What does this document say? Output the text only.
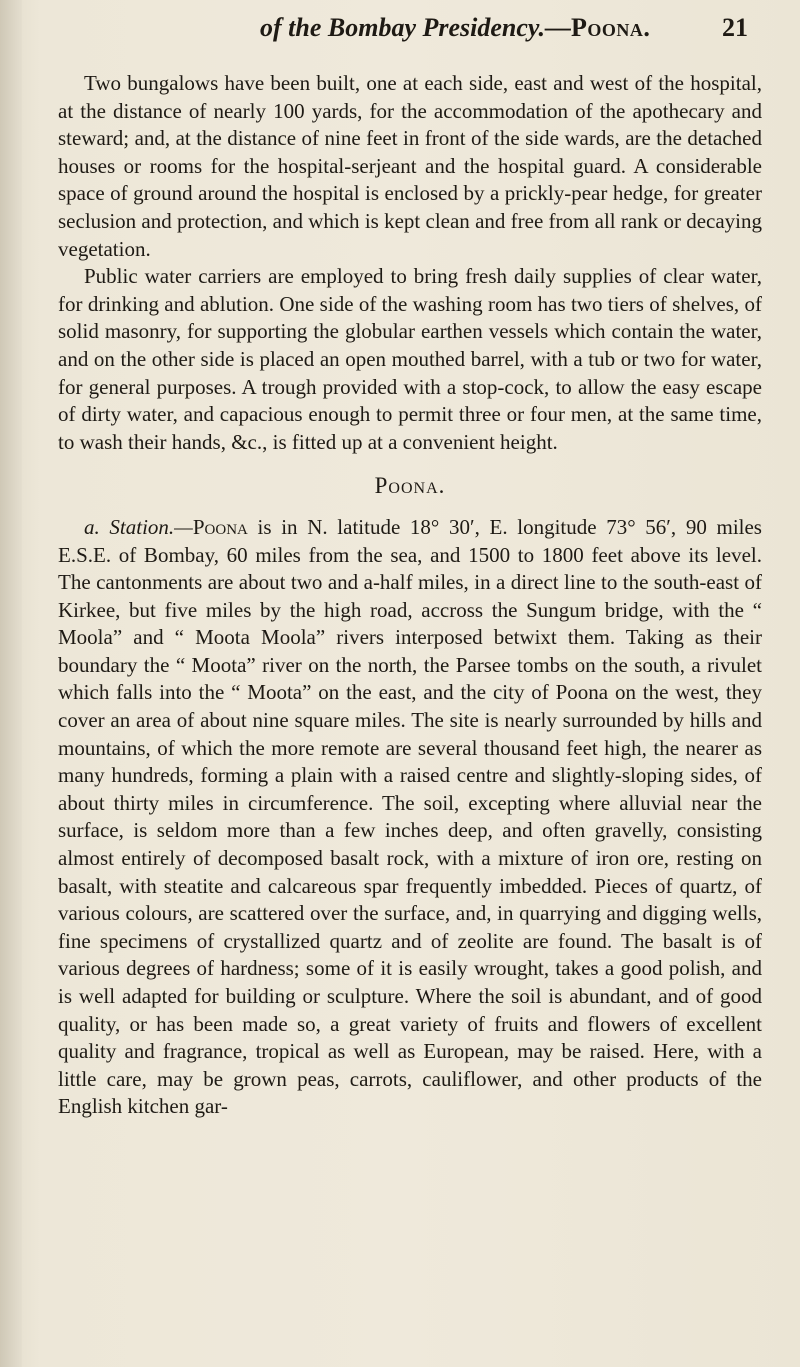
of the Bombay Presidency.—Poona.	21

Two bungalows have been built, one at each side, east and west of the hospital, at the distance of nearly 100 yards, for the accommodation of the apothecary and steward; and, at the distance of nine feet in front of the side wards, are the detached houses or rooms for the hospital-serjeant and the hospital guard. A considerable space of ground around the hospital is enclosed by a prickly-pear hedge, for greater seclusion and protection, and which is kept clean and free from all rank or decaying vegetation.

Public water carriers are employed to bring fresh daily supplies of clear water, for drinking and ablution. One side of the washing room has two tiers of shelves, of solid masonry, for supporting the globular earthen vessels which contain the water, and on the other side is placed an open mouthed barrel, with a tub or two for water, for general purposes. A trough provided with a stop-cock, to allow the easy escape of dirty water, and capacious enough to permit three or four men, at the same time, to wash their hands, &c., is fitted up at a convenient height.

Poona.

a. Station.—Poona is in N. latitude 18° 30′, E. longitude 73° 56′, 90 miles E.S.E. of Bombay, 60 miles from the sea, and 1500 to 1800 feet above its level. The cantonments are about two and a-half miles, in a direct line to the south-east of Kirkee, but five miles by the high road, accross the Sungum bridge, with the “ Moola” and “ Moota Moola” rivers interposed betwixt them. Taking as their boundary the “ Moota” river on the north, the Parsee tombs on the south, a rivulet which falls into the “ Moota” on the east, and the city of Poona on the west, they cover an area of about nine square miles. The site is nearly surrounded by hills and mountains, of which the more remote are several thousand feet high, the nearer as many hundreds, forming a plain with a raised centre and slightly-sloping sides, of about thirty miles in circumference. The soil, excepting where alluvial near the surface, is seldom more than a few inches deep, and often gravelly, consisting almost entirely of decomposed basalt rock, with a mixture of iron ore, resting on basalt, with steatite and calcareous spar frequently imbedded. Pieces of quartz, of various colours, are scattered over the surface, and, in quarrying and digging wells, fine specimens of crystallized quartz and of zeolite are found. The basalt is of various degrees of hardness; some of it is easily wrought, takes a good polish, and is well adapted for building or sculpture. Where the soil is abundant, and of good quality, or has been made so, a great variety of fruits and flowers of excellent quality and fragrance, tropical as well as European, may be raised. Here, with a little care, may be grown peas, carrots, cauliflower, and other products of the English kitchen gar-
